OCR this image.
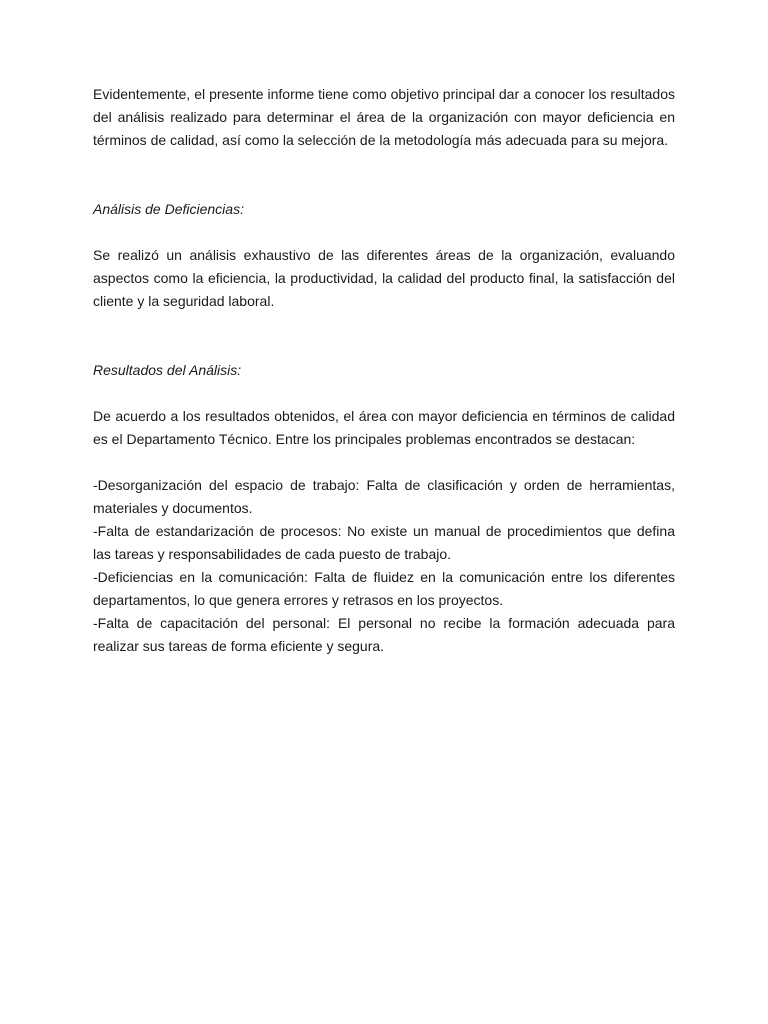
Evidentemente, el presente informe tiene como objetivo principal dar a conocer los resultados del análisis realizado para determinar el área de la organización con mayor deficiencia en términos de calidad, así como la selección de la metodología más adecuada para su mejora.

Análisis de Deficiencias:

Se realizó un análisis exhaustivo de las diferentes áreas de la organización, evaluando aspectos como la eficiencia, la productividad, la calidad del producto final, la satisfacción del cliente y la seguridad laboral.

Resultados del Análisis:

De acuerdo a los resultados obtenidos, el área con mayor deficiencia en términos de calidad es el Departamento Técnico. Entre los principales problemas encontrados se destacan:

-Desorganización del espacio de trabajo: Falta de clasificación y orden de herramientas, materiales y documentos.

-Falta de estandarización de procesos: No existe un manual de procedimientos que defina las tareas y responsabilidades de cada puesto de trabajo.

-Deficiencias en la comunicación: Falta de fluidez en la comunicación entre los diferentes departamentos, lo que genera errores y retrasos en los proyectos.

-Falta de capacitación del personal: El personal no recibe la formación adecuada para realizar sus tareas de forma eficiente y segura.
